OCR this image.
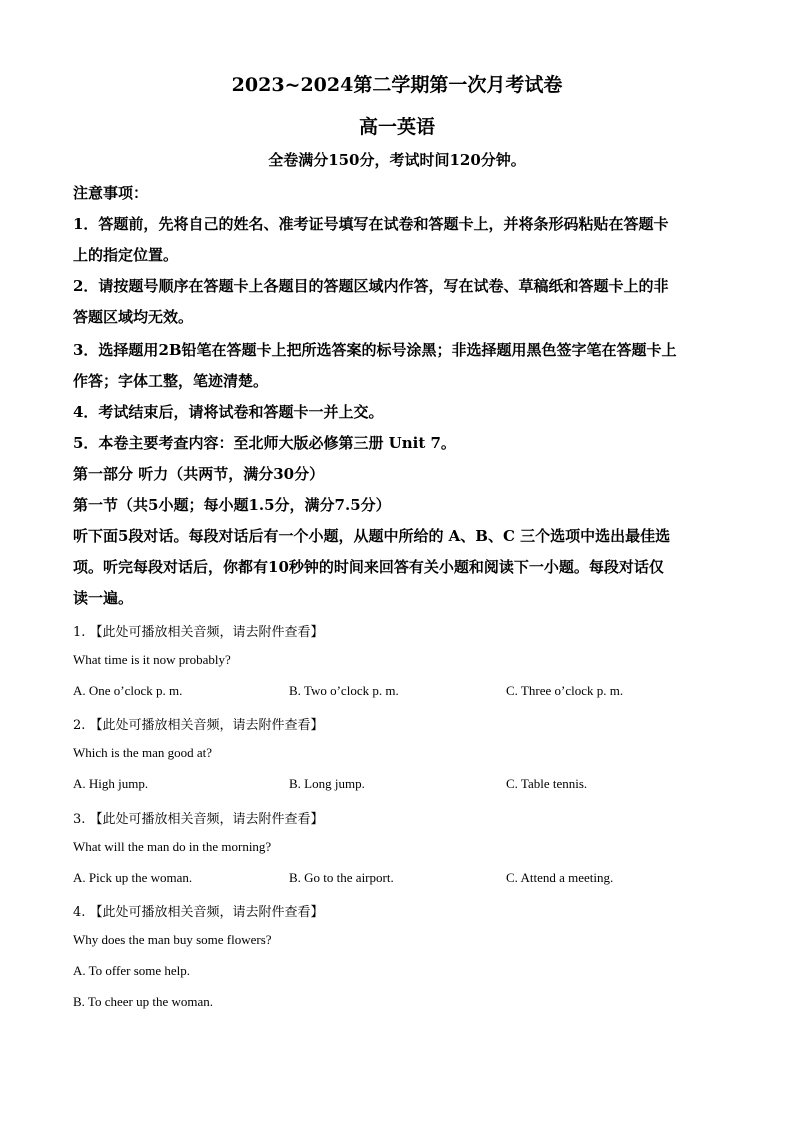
2023~2024第二学期第一次月考试卷
高一英语
全卷满分150分，考试时间120分钟。
注意事项：
1．答题前，先将自己的姓名、准考证号填写在试卷和答题卡上，并将条形码粘贴在答题卡
上的指定位置。
2．请按题号顺序在答题卡上各题目的答题区域内作答，写在试卷、草稿纸和答题卡上的非
答题区域均无效。
3．选择题用2B铅笔在答题卡上把所选答案的标号涂黑；非选择题用黑色签字笔在答题卡上
作答；字体工整，笔迹清楚。
4．考试结束后，请将试卷和答题卡一并上交。
5．本卷主要考查内容：至北师大版必修第三册 Unit 7。
第一部分 听力（共两节，满分30分）
第一节（共5小题；每小题1.5分，满分7.5分）
听下面5段对话。每段对话后有一个小题，从题中所给的 A、B、C 三个选项中选出最佳选
项。听完每段对话后，你都有10秒钟的时间来回答有关小题和阅读下一小题。每段对话仅
读一遍。
1. 【此处可播放相关音频，请去附件查看】
What time is it now probably?
A. One o’clock p. m.	B. Two o’clock p. m.	C. Three o’clock p. m.
2. 【此处可播放相关音频，请去附件查看】
Which is the man good at?
A. High jump.	B. Long jump.	C. Table tennis.
3. 【此处可播放相关音频，请去附件查看】
What will the man do in the morning?
A. Pick up the woman.	B. Go to the airport.	C. Attend a meeting.
4. 【此处可播放相关音频，请去附件查看】
Why does the man buy some flowers?
A. To offer some help.
B. To cheer up the woman.
